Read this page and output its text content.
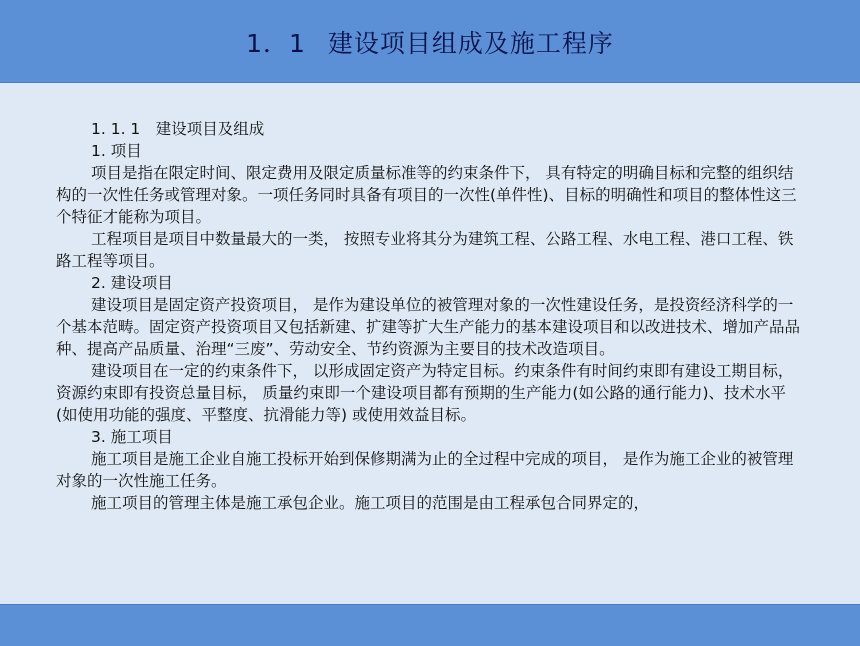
1．1 建设项目组成及施工程序

1. 1. 1　建设项目及组成

1. 项目

项目是指在限定时间、限定费用及限定质量标准等的约束条件下， 具有特定的明确目标和完整的组织结构的一次性任务或管理对象。一项任务同时具备有项目的一次性(单件性)、目标的明确性和项目的整体性这三个特征才能称为项目。

工程项目是项目中数量最大的一类， 按照专业将其分为建筑工程、公路工程、水电工程、港口工程、铁路工程等项目。

2. 建设项目

建设项目是固定资产投资项目， 是作为建设单位的被管理对象的一次性建设任务，是投资经济科学的一个基本范畴。固定资产投资项目又包括新建、扩建等扩大生产能力的基本建设项目和以改进技术、增加产品品种、提高产品质量、治理“三废”、劳动安全、节约资源为主要目的技术改造项目。

建设项目在一定的约束条件下， 以形成固定资产为特定目标。约束条件有时间约束即有建设工期目标， 资源约束即有投资总量目标， 质量约束即一个建设项目都有预期的生产能力(如公路的通行能力)、技术水平(如使用功能的强度、平整度、抗滑能力等) 或使用效益目标。

3. 施工项目

施工项目是施工企业自施工投标开始到保修期满为止的全过程中完成的项目， 是作为施工企业的被管理对象的一次性施工任务。

施工项目的管理主体是施工承包企业。施工项目的范围是由工程承包合同界定的，
